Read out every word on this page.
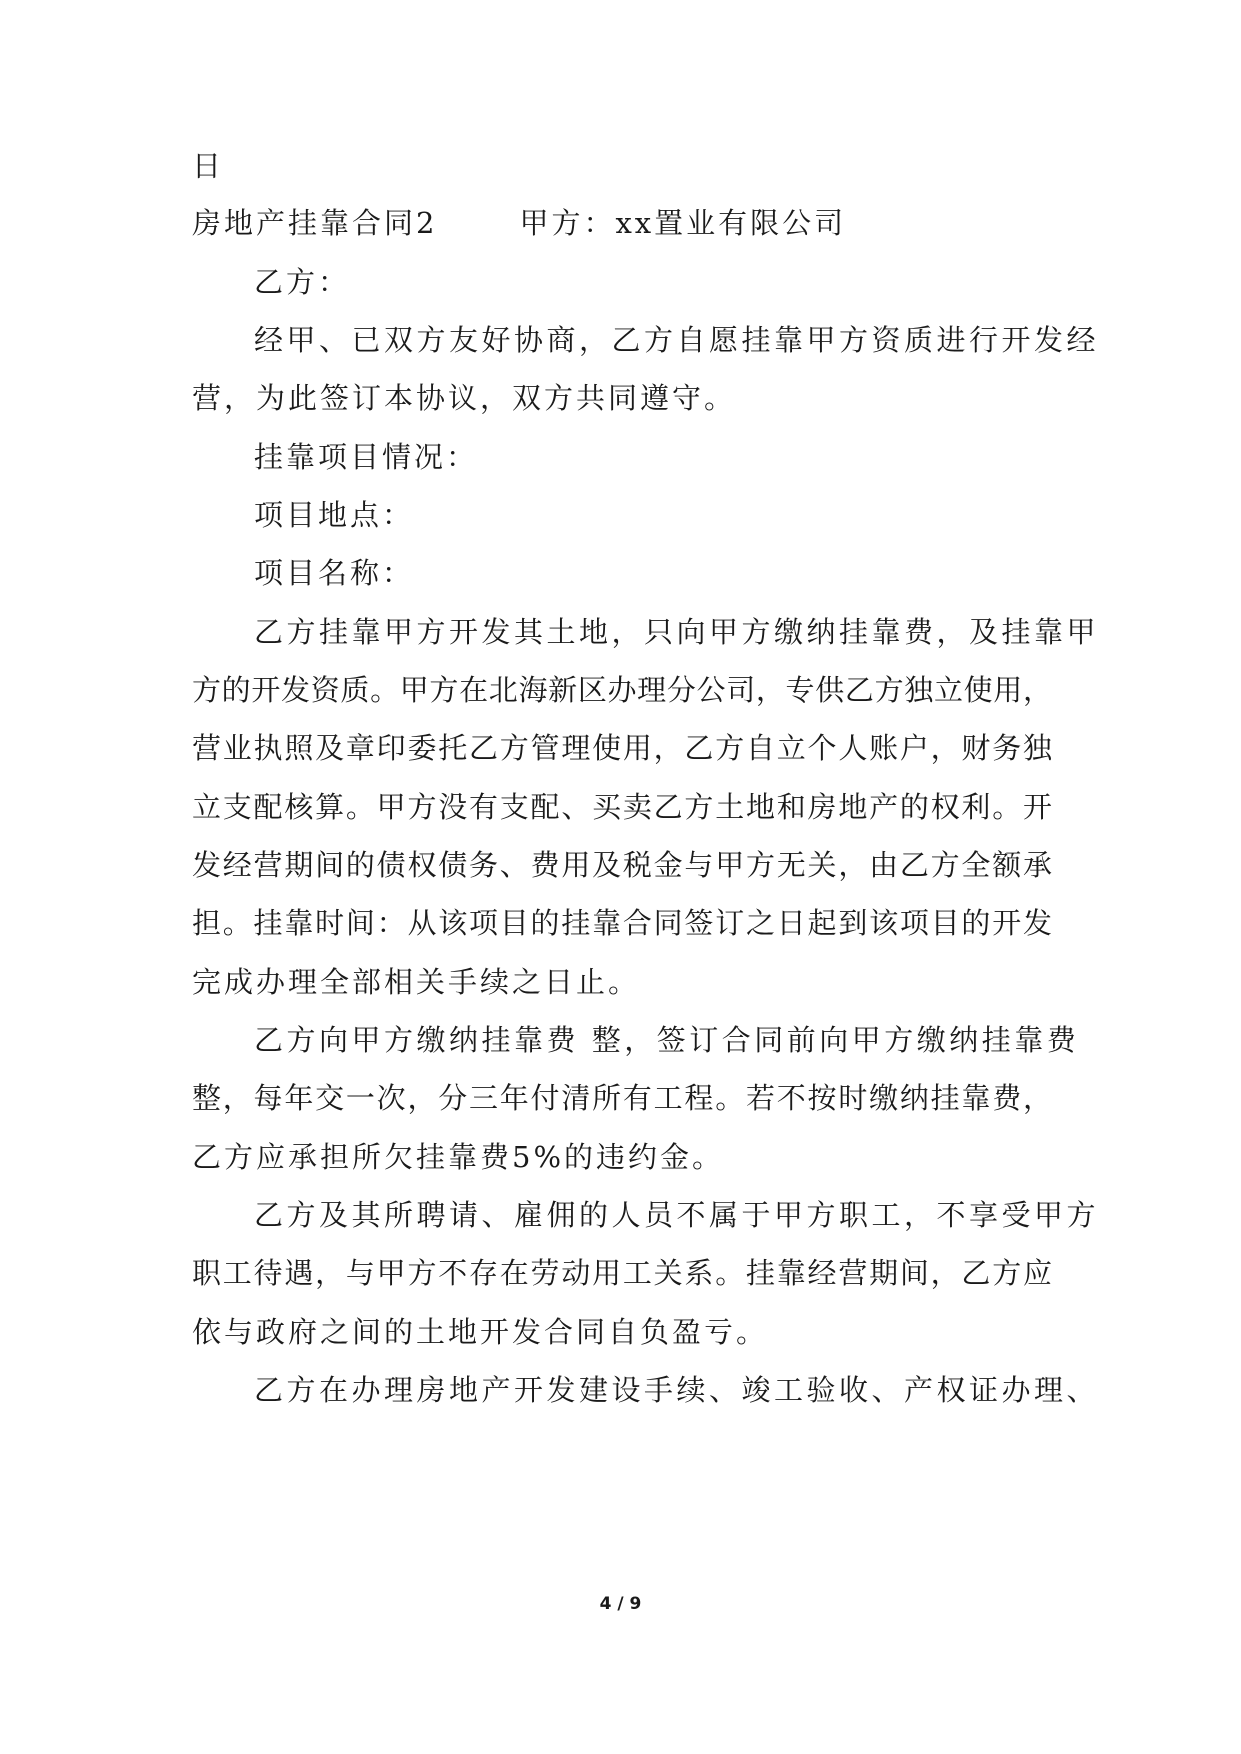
日
房地产挂靠合同2	甲方：xx置业有限公司
乙方：
经甲、已双方友好协商，乙方自愿挂靠甲方资质进行开发经
营，为此签订本协议，双方共同遵守。
挂靠项目情况：
项目地点：
项目名称：
乙方挂靠甲方开发其土地，只向甲方缴纳挂靠费，及挂靠甲
方的开发资质。甲方在北海新区办理分公司，专供乙方独立使用，
营业执照及章印委托乙方管理使用，乙方自立个人账户，财务独
立支配核算。甲方没有支配、买卖乙方土地和房地产的权利。开
发经营期间的债权债务、费用及税金与甲方无关，由乙方全额承
担。挂靠时间：从该项目的挂靠合同签订之日起到该项目的开发
完成办理全部相关手续之日止。
乙方向甲方缴纳挂靠费 整，签订合同前向甲方缴纳挂靠费
整，每年交一次，分三年付清所有工程。若不按时缴纳挂靠费，
乙方应承担所欠挂靠费5%的违约金。
乙方及其所聘请、雇佣的人员不属于甲方职工，不享受甲方
职工待遇，与甲方不存在劳动用工关系。挂靠经营期间，乙方应
依与政府之间的土地开发合同自负盈亏。
乙方在办理房地产开发建设手续、竣工验收、产权证办理、
4 / 9
